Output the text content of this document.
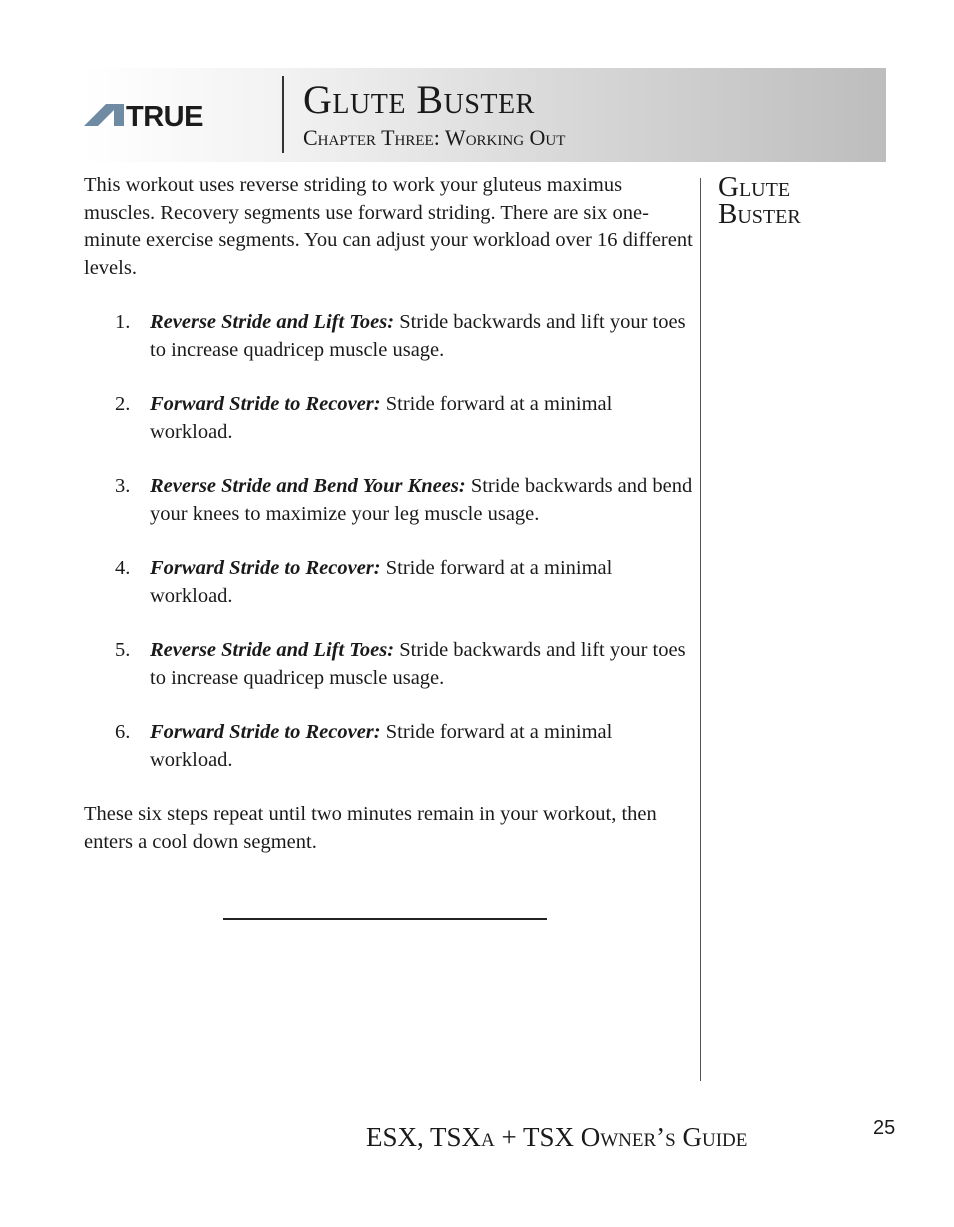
TRUE	Glute Buster
Chapter Three: Working Out

This workout uses reverse striding to work your gluteus maximus muscles. Recovery segments use forward striding. There are six one-minute exercise segments. You can adjust your workload over 16 different levels.

1. Reverse Stride and Lift Toes: Stride backwards and lift your toes to increase quadricep muscle usage.
2. Forward Stride to Recover: Stride forward at a minimal workload.
3. Reverse Stride and Bend Your Knees: Stride backwards and bend your knees to maximize your leg muscle usage.
4. Forward Stride to Recover: Stride forward at a minimal workload.
5. Reverse Stride and Lift Toes: Stride backwards and lift your toes to increase quadricep muscle usage.
6. Forward Stride to Recover: Stride forward at a minimal workload.

These six steps repeat until two minutes remain in your workout, then enters a cool down segment.

Glute
Buster
ESX, TSXa + TSX Owner’s Guide	25
